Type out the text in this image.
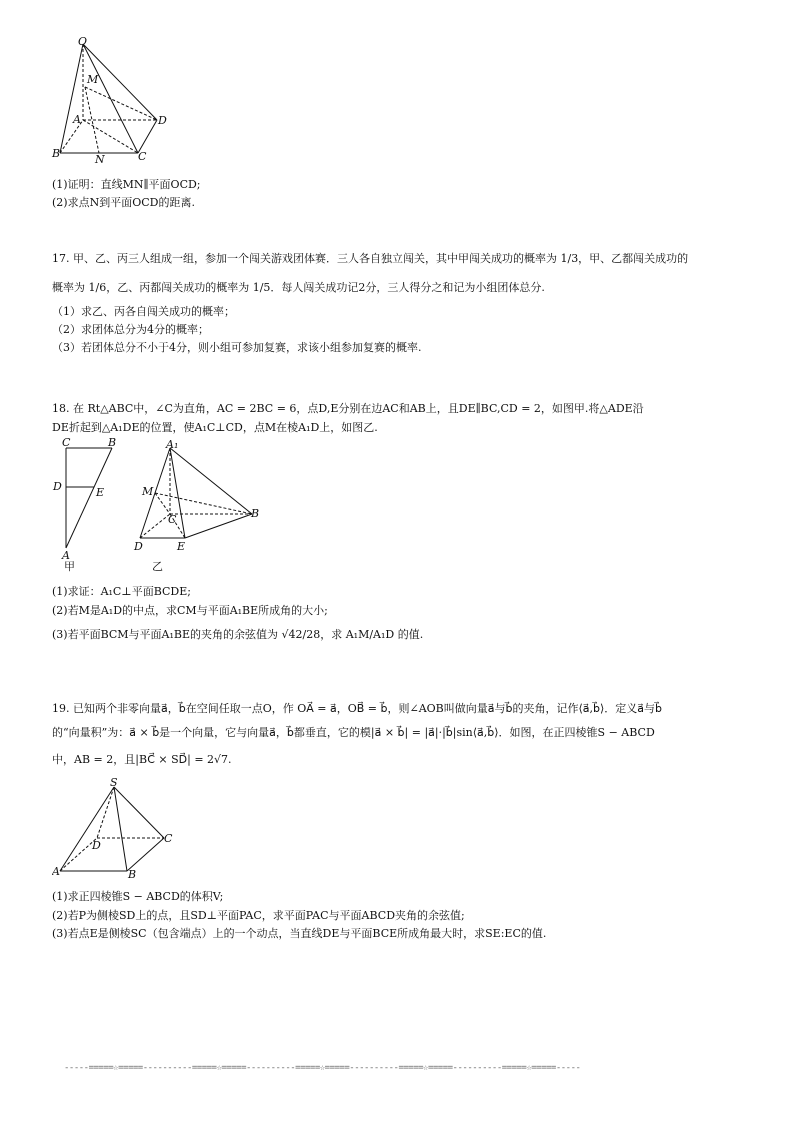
O
M
A	D
B	N	C
(1)证明：直线MN∥平面OCD;
(2)求点N到平面OCD的距离.
17. 甲、乙、丙三人组成一组，参加一个闯关游戏团体赛．三人各自独立闯关，其中甲闯关成功的概率为 1/3，甲、乙都闯关成功的
概率为 1/6，乙、丙都闯关成功的概率为 1/5．每人闯关成功记2分，三人得分之和记为小组团体总分.
（1）求乙、丙各自闯关成功的概率；
（2）求团体总分为4分的概率；
（3）若团体总分不小于4分，则小组可参加复赛，求该小组参加复赛的概率.
18. 在 Rt△ABC中，∠C为直角，AC = 2BC = 6，点D,E分别在边AC和AB上，且DE∥BC,CD = 2，如图甲.将△ADE沿
DE折起到△A₁DE的位置，使A₁C⊥CD，点M在棱A₁D上，如图乙.
C	B
D	E
A
甲
A₁
M
C	B
D	E
乙
(1)求证：A₁C⊥平面BCDE;
(2)若M是A₁D的中点，求CM与平面A₁BE所成角的大小;
(3)若平面BCM与平面A₁BE的夹角的余弦值为 √42/28，求 A₁M/A₁D 的值.
19. 已知两个非零向量a⃗，b⃗在空间任取一点O，作 OA⃗ = a⃗，OB⃗ = b⃗，则∠AOB叫做向量a⃗与b⃗的夹角，记作⟨a⃗,b⃗⟩．定义a⃗与b⃗
的“向量积”为：a⃗ × b⃗是一个向量，它与向量a⃗，b⃗都垂直，它的模|a⃗ × b⃗| = |a⃗|·|b⃗|sin⟨a⃗,b⃗⟩．如图，在正四棱锥S − ABCD
中，AB = 2，且|BC⃗ × SD⃗| = 2√7.
S
D
C
A	B
(1)求正四棱锥S − ABCD的体积V;
(2)若P为侧棱SD上的点，且SD⊥平面PAC，求平面PAC与平面ABCD夹角的余弦值;
(3)若点E是侧棱SC（包含端点）上的一个动点，当直线DE与平面BCE所成角最大时，求SE:EC的值.
-----=====☆=====----------=====☆=====----------=====☆=====----------=====☆=====----------=====☆=====-----
